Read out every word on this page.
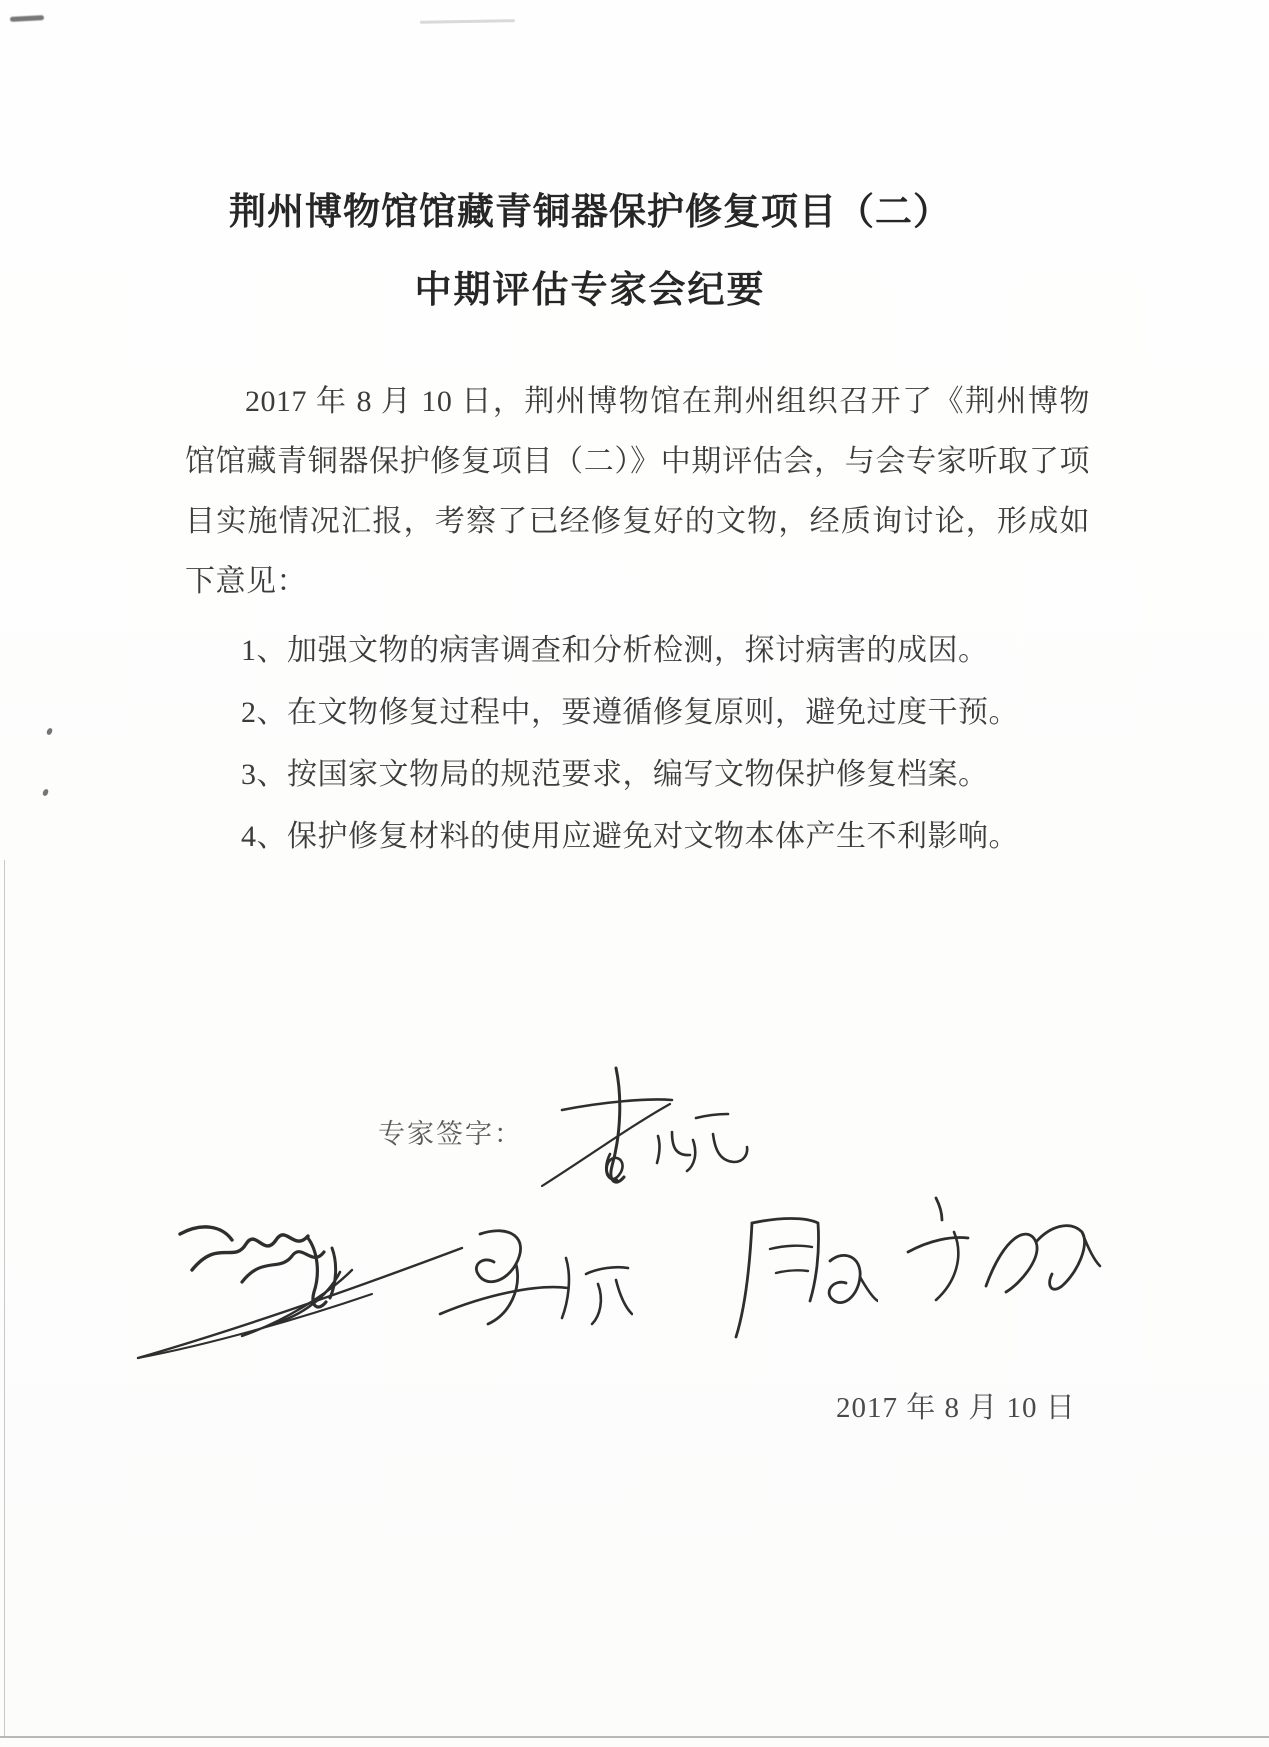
荆州博物馆馆藏青铜器保护修复项目（二）
中期评估专家会纪要

2017 年 8 月 10 日，荆州博物馆在荆州组织召开了《荆州博物馆馆藏青铜器保护修复项目（二）》中期评估会，与会专家听取了项目实施情况汇报，考察了已经修复好的文物，经质询讨论，形成如下意见：

1、加强文物的病害调查和分析检测，探讨病害的成因。

2、在文物修复过程中，要遵循修复原则，避免过度干预。

3、按国家文物局的规范要求，编写文物保护修复档案。

4、保护修复材料的使用应避免对文物本体产生不利影响。

专家签字：
2017 年 8 月 10 日
